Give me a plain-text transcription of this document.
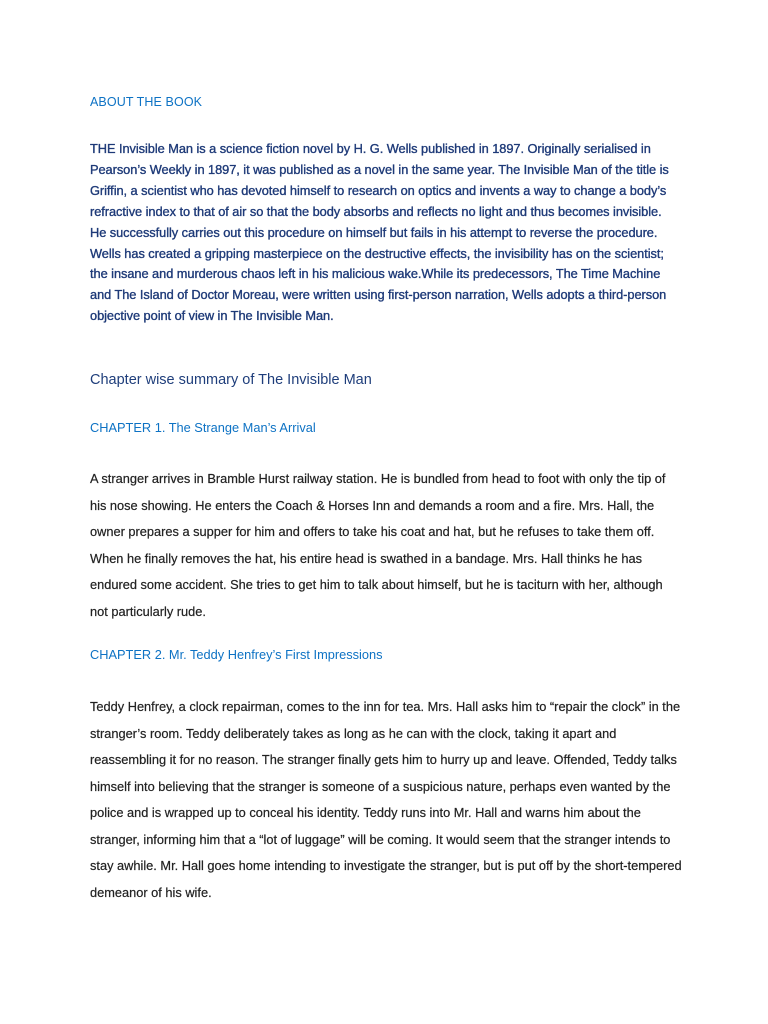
ABOUT THE BOOK
THE Invisible Man is a science fiction novel by H. G. Wells published in 1897. Originally serialised in Pearson’s Weekly in 1897, it was published as a novel in the same year. The Invisible Man of the title is Griffin, a scientist who has devoted himself to research on optics and invents a way to change a body’s refractive index to that of air so that the body absorbs and reflects no light and thus becomes invisible. He successfully carries out this procedure on himself but fails in his attempt to reverse the procedure. Wells has created a gripping masterpiece on the destructive effects, the invisibility has on the scientist; the insane and murderous chaos left in his malicious wake.While its predecessors, The Time Machine and The Island of Doctor Moreau, were written using first-person narration, Wells adopts a third-person objective point of view in The Invisible Man.
Chapter wise summary of The Invisible Man
CHAPTER 1. The Strange Man’s Arrival
A stranger arrives in Bramble Hurst railway station. He is bundled from head to foot with only the tip of his nose showing. He enters the Coach & Horses Inn and demands a room and a fire. Mrs. Hall, the owner prepares a supper for him and offers to take his coat and hat, but he refuses to take them off. When he finally removes the hat, his entire head is swathed in a bandage. Mrs. Hall thinks he has endured some accident. She tries to get him to talk about himself, but he is taciturn with her, although not particularly rude.
CHAPTER 2. Mr. Teddy Henfrey’s First Impressions
Teddy Henfrey, a clock repairman, comes to the inn for tea. Mrs. Hall asks him to “repair the clock” in the stranger’s room. Teddy deliberately takes as long as he can with the clock, taking it apart and reassembling it for no reason. The stranger finally gets him to hurry up and leave. Offended, Teddy talks himself into believing that the stranger is someone of a suspicious nature, perhaps even wanted by the police and is wrapped up to conceal his identity. Teddy runs into Mr. Hall and warns him about the stranger, informing him that a “lot of luggage” will be coming. It would seem that the stranger intends to stay awhile. Mr. Hall goes home intending to investigate the stranger, but is put off by the short-tempered demeanor of his wife.
